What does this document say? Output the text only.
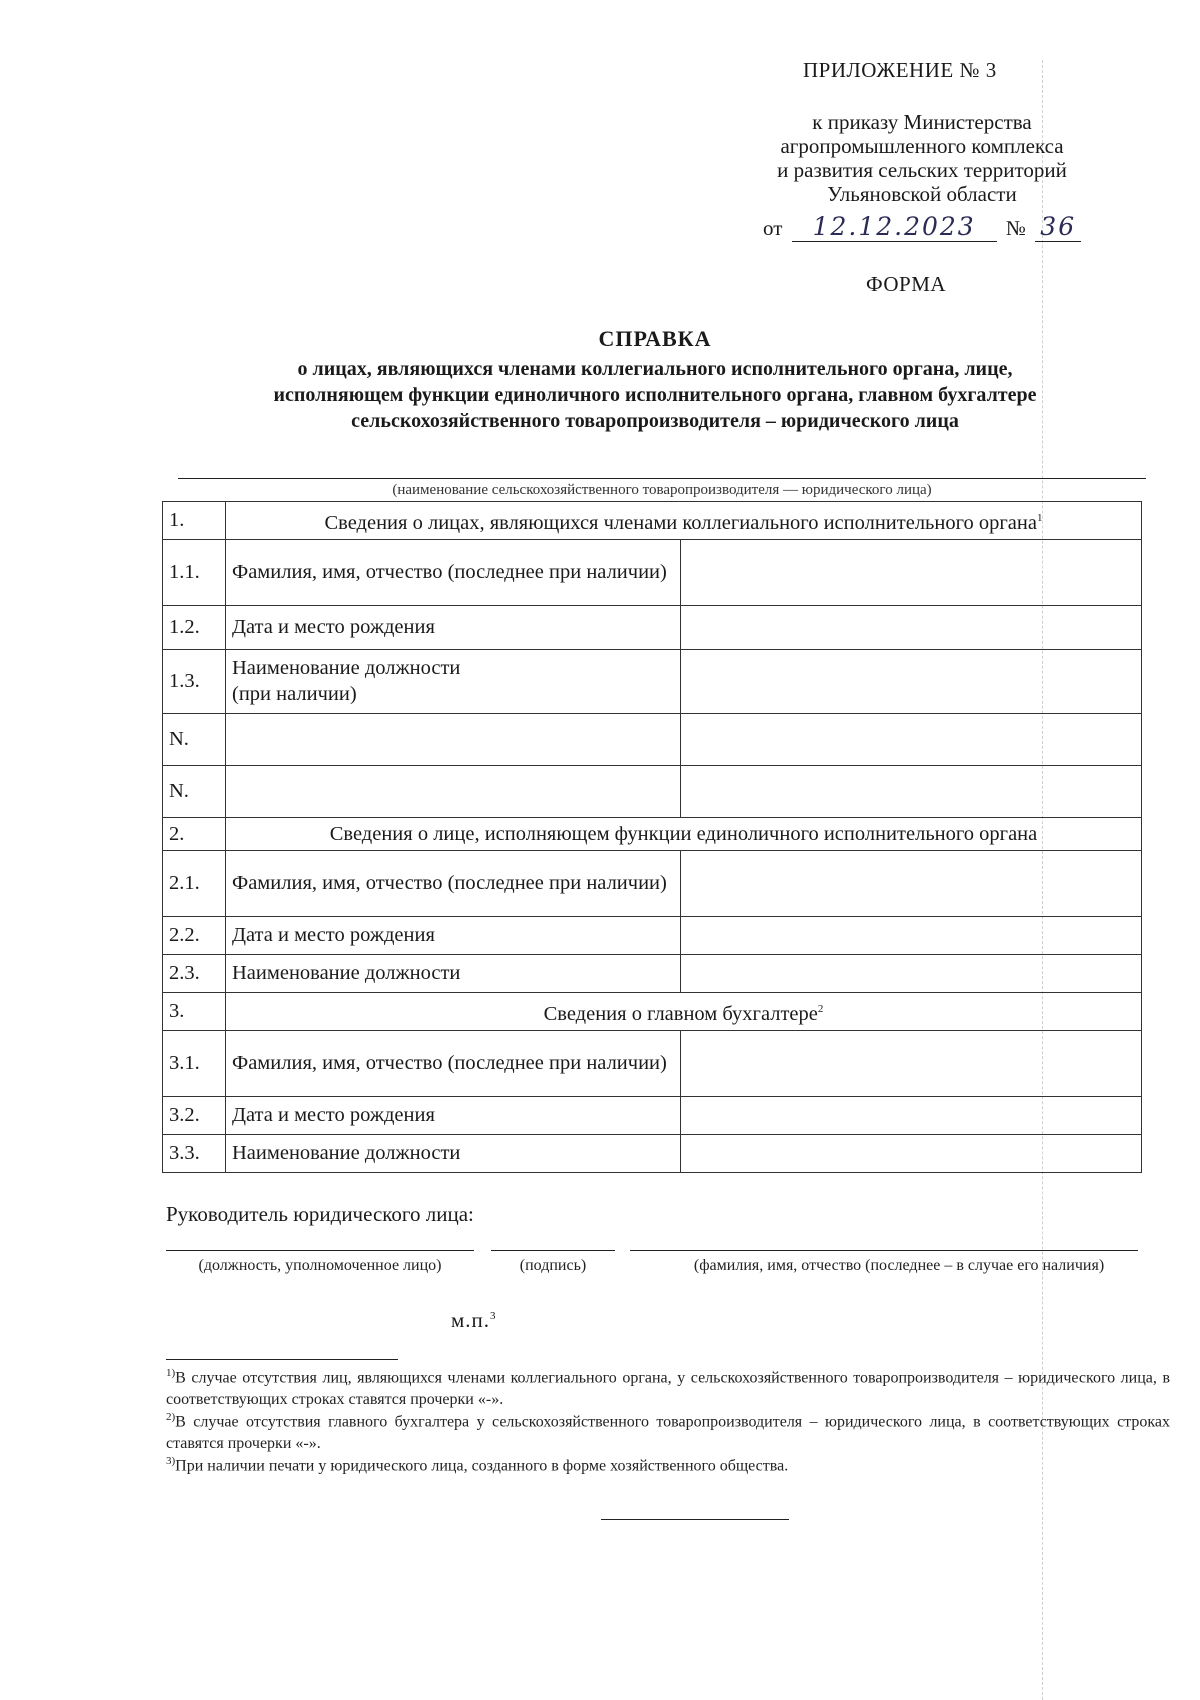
ПРИЛОЖЕНИЕ № 3
к приказу Министерства
агропромышленного комплекса
и развития сельских территорий
Ульяновской области
от 12.12.2023 № 36
ФОРМА
СПРАВКА
о лицах, являющихся членами коллегиального исполнительного органа, лице,
исполняющем функции единоличного исполнительного органа, главном бухгалтере
сельскохозяйственного товаропроизводителя – юридического лица
(наименование сельскохозяйственного товаропроизводителя — юридического лица)
1.	Сведения о лицах, являющихся членами коллегиального исполнительного органа$^1$
1.1.	Фамилия, имя, отчество (последнее при наличии)	
1.2.	Дата и место рождения	
1.3.	Наименование должности
(при наличии)	

N.		
N.		
2.	Сведения о лице, исполняющем функции единоличного исполнительного органа	
2.1.	Фамилия, имя, отчество (последнее при наличии)	
2.2.	Дата и место рождения	
2.3.	Наименование должности	
3.	Сведения о главном бухгалтере$^2$
3.1.	Фамилия, имя, отчество (последнее при наличии)	
3.2.	Дата и место рождения	
3.3.	Наименование должности	
Руководитель юридического лица:
(должность, уполномоченное лицо)	(подпись)	(фамилия, имя, отчество (последнее – в случае его наличия)
м.п.$^3$
$^{1)}$В случае отсутствия лиц, являющихся членами коллегиального органа, у сельскохозяйственного товаропроизводителя – юридического лица, в соответствующих строках ставятся прочерки «-».
$^{2)}$В случае отсутствия главного бухгалтера у сельскохозяйственного товаропроизводителя – юридического лица, в соответствующих строках ставятся прочерки «-».
$^{3)}$При наличии печати у юридического лица, созданного в форме хозяйственного общества.
